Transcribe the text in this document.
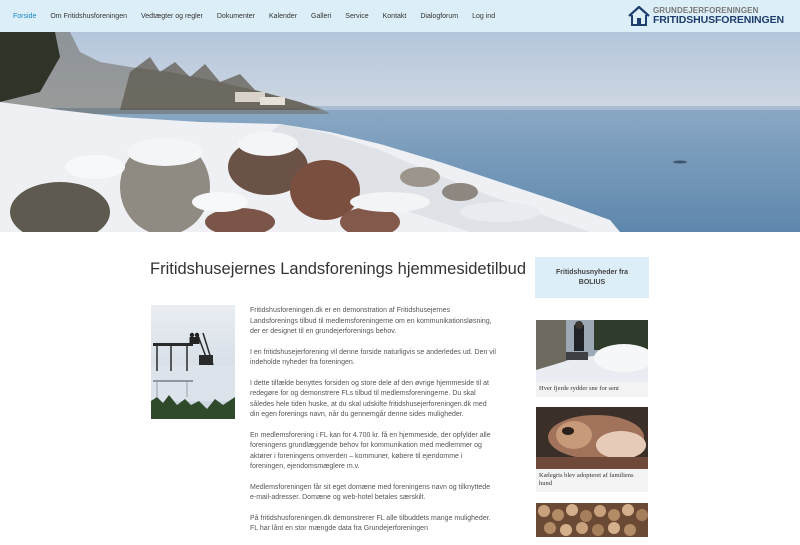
Forside	Om Fritidshusforeningen	Vedtægter og regler	Dokumenter	Kalender	Galleri	Service	Kontakt	Dialogforum	Log ind
GRUNDEJERFORENINGEN
FRITIDSHUSFORENINGEN
Fritidshusejernes Landsforenings hjemmesidetilbud

Fritidshusforeningen.dk er en demonstration af Fritidshusejernes Landsforenings tilbud til medlemsforeningerne om en kommunikationsløsning, der er designet til en grundejerforenings behov.

I en fritidshusejerforening vil denne forside naturligvis se anderledes ud. Den vil indeholde nyheder fra foreningen.

I dette tilfælde benyttes forsiden og store dele af den øvrige hjemmeside til at redegøre for og demonstrere FLs tilbud til medlemsforeningerne. Du skal således hele tiden huske, at du skal udskifte fritidshusejerforeningen.dk med din egen forenings navn, når du gennemgår denne sides muligheder.

En medlemsforening i FL kan for 4.700 kr. få en hjemmeside, der opfylder alle foreningens grundlæggende behov for kommunikation med medlemmer og aktører i foreningens omverden – kommuner, købere til ejendomme i foreningen, ejendomsmæglere m.v.

Medlemsforeningen får sit eget domæne med foreningens navn og tilknyttede e-mail-adresser. Domæne og web-hotel betales særskilt.

På fritidshusforeningen.dk demonstrerer FL alle tilbuddets mange muligheder. FL har lånt en stor mængde data fra Grundejerforeningen

Fritidshusnyheder fra
BOLIUS
Hver fjerde rydder sne for sent
Kælegris blev adopteret af familiens hund
